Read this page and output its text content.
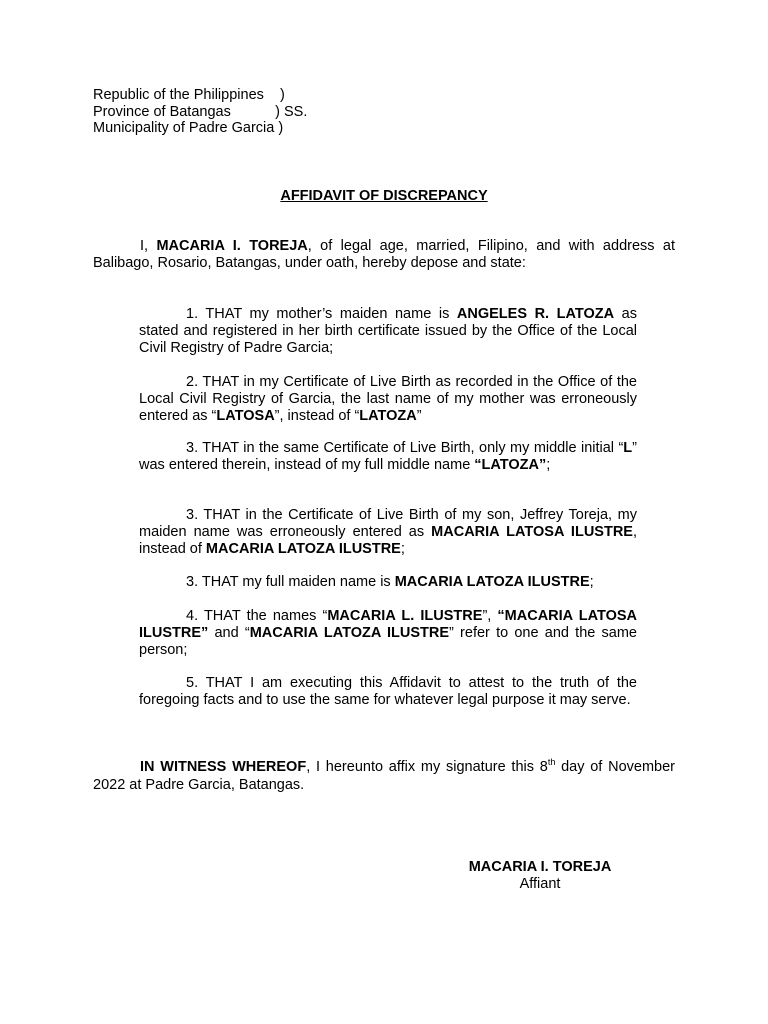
Republic of the Philippines    )
Province of Batangas           ) SS.
Municipality of Padre Garcia )
AFFIDAVIT OF DISCREPANCY
I, MACARIA I. TOREJA, of legal age, married, Filipino, and with address at Balibago, Rosario, Batangas, under oath, hereby depose and state:
1. THAT my mother’s maiden name is ANGELES R. LATOZA as stated and registered in her birth certificate issued by the Office of the Local Civil Registry of Padre Garcia;
2. THAT in my Certificate of Live Birth as recorded in the Office of the Local Civil Registry of Garcia, the last name of my mother was erroneously entered as “LATOSA”, instead of “LATOZA”
3. THAT in the same Certificate of Live Birth, only my middle initial “L” was entered therein, instead of my full middle name “LATOZA”;
3. THAT in the Certificate of Live Birth of my son, Jeffrey Toreja, my maiden name was erroneously entered as MACARIA LATOSA ILUSTRE, instead of MACARIA LATOZA ILUSTRE;
3. THAT my full maiden name is MACARIA LATOZA ILUSTRE;
4. THAT the names “MACARIA L. ILUSTRE”, “MACARIA LATOSA ILUSTRE” and “MACARIA LATOZA ILUSTRE” refer to one and the same person;
5. THAT I am executing this Affidavit to attest to the truth of the foregoing facts and to use the same for whatever legal purpose it may serve.
IN WITNESS WHEREOF, I hereunto affix my signature this 8th day of November 2022 at Padre Garcia, Batangas.
MACARIA I. TOREJA
Affiant
